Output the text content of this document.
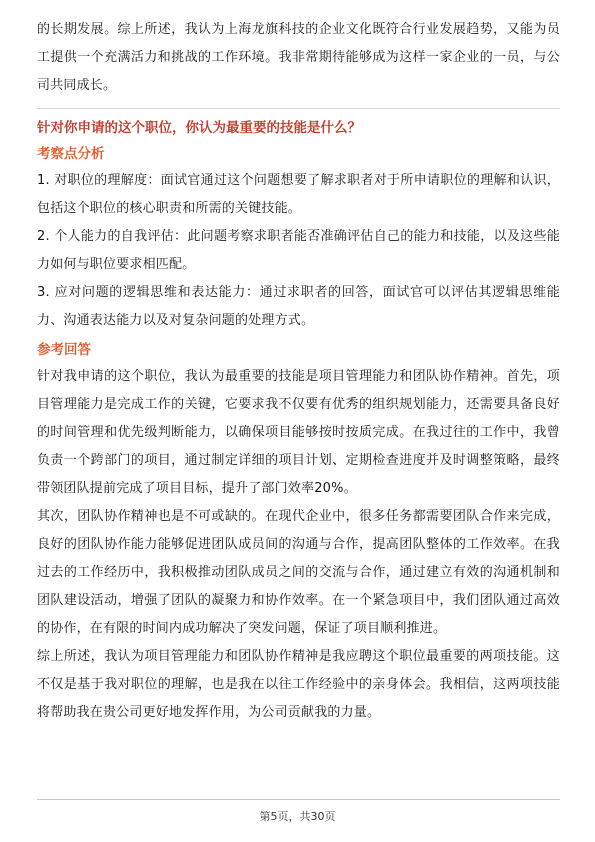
的长期发展。综上所述，我认为上海龙旗科技的企业文化既符合行业发展趋势，又能为员工提供一个充满活力和挑战的工作环境。我非常期待能够成为这样一家企业的一员，与公司共同成长。

针对你申请的这个职位，你认为最重要的技能是什么？

考察点分析

1. 对职位的理解度：面试官通过这个问题想要了解求职者对于所申请职位的理解和认识，包括这个职位的核心职责和所需的关键技能。

2. 个人能力的自我评估：此问题考察求职者能否准确评估自己的能力和技能，以及这些能力如何与职位要求相匹配。

3. 应对问题的逻辑思维和表达能力：通过求职者的回答，面试官可以评估其逻辑思维能力、沟通表达能力以及对复杂问题的处理方式。

参考回答

针对我申请的这个职位，我认为最重要的技能是项目管理能力和团队协作精神。首先，项目管理能力是完成工作的关键，它要求我不仅要有优秀的组织规划能力，还需要具备良好的时间管理和优先级判断能力，以确保项目能够按时按质完成。在我过往的工作中，我曾负责一个跨部门的项目，通过制定详细的项目计划、定期检查进度并及时调整策略，最终带领团队提前完成了项目目标，提升了部门效率20%。

其次，团队协作精神也是不可或缺的。在现代企业中，很多任务都需要团队合作来完成，良好的团队协作能力能够促进团队成员间的沟通与合作，提高团队整体的工作效率。在我过去的工作经历中，我积极推动团队成员之间的交流与合作，通过建立有效的沟通机制和团队建设活动，增强了团队的凝聚力和协作效率。在一个紧急项目中，我们团队通过高效的协作，在有限的时间内成功解决了突发问题，保证了项目顺利推进。

综上所述，我认为项目管理能力和团队协作精神是我应聘这个职位最重要的两项技能。这不仅是基于我对职位的理解，也是我在以往工作经验中的亲身体会。我相信，这两项技能将帮助我在贵公司更好地发挥作用，为公司贡献我的力量。

第5页，共30页
